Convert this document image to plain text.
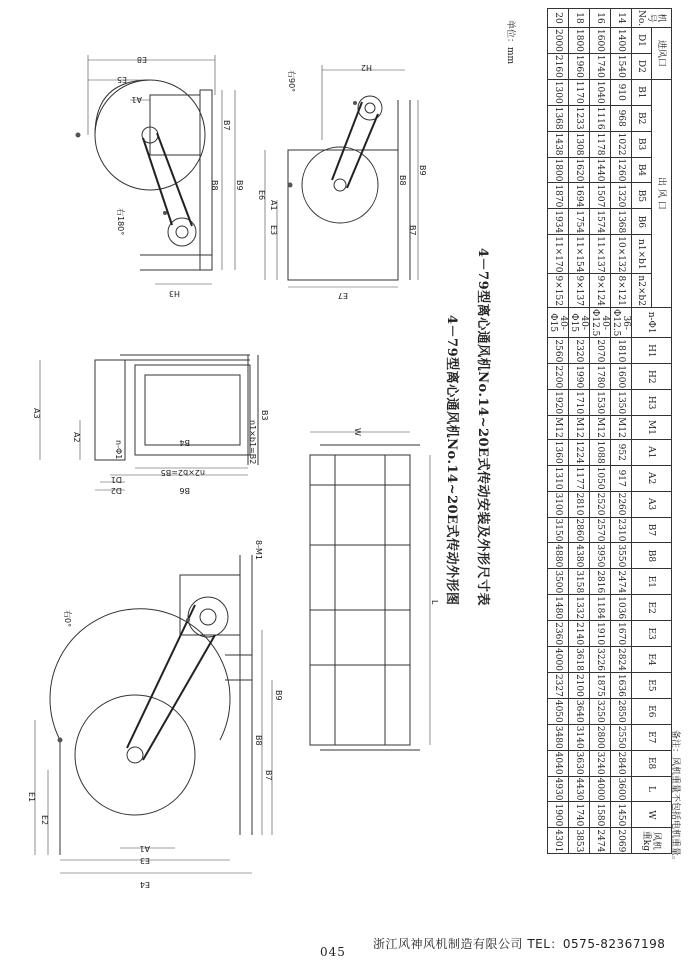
E8
E5
A1
B7
B8 B9
H3
右180°
H2
右90°
B8
B7
B9
E6
A1
E3
E7
A3
A2
n-Φ1	B4	n1×b1=B2
B3
n2×b2=B5
D1
D2	B6
E1
E2
A1
E3
E4
B8
B7
B9
8-M1
右0°
W
L 4－79型离心通风机No.14~20E式传动外形图	4－79型离心通风机No.14~20E式传动安装及外形尺寸表
单位：mm
机号
No.	进风口		出 风 口								n-Φ1	H1	H2	H3	M1	A1	A2	A3	B7	B8	E1	E2	E3	E4	E5	E6	E7	E8	L	W	风机重kg
	D1	D2	B1	B2	B3	B4	B5	B6	n1×b1	n2×b2																					
14	1400	1540	910	968	1022	1260	1320	1368	10×132	8×121	36-Φ12.5	1810	1600	1350	M12	952	917	2260	2310	3550	2474	1036	1670	2824	1636	2850	2550	2840	3600	1450	2069
16	1600	1740	1040	1116	1178	1440	1507	1574	11×137	9×124	40-Φ12.5	2070	1780	1530	M12	1088	1050	2520	2570	3950	2816	1184	1910	3226	1875	3250	2800	3240	4000	1580	2474
18	1800	1960	1170	1233	1308	1620	1694	1754	11×154	9×137	40-Φ15	2320	1990	1710	M12	1224	1177	2810	2860	4380	3158	1332	2140	3618	2100	3640	3140	3630	4430	1740	3853
20	2000	2160	1300	1368	1438	1800	1870	1934	11×170	9×152	40-Φ15	2560	2200	1920	M12	1360	1310	3100	3150	4880	3500	1480	2360	4000	2327	4050	3480	4040	4930	1900	4301	备注：风机重量不包括电机重量。
浙江风神风机制造有限公司 TEL：0575-82367198
045
